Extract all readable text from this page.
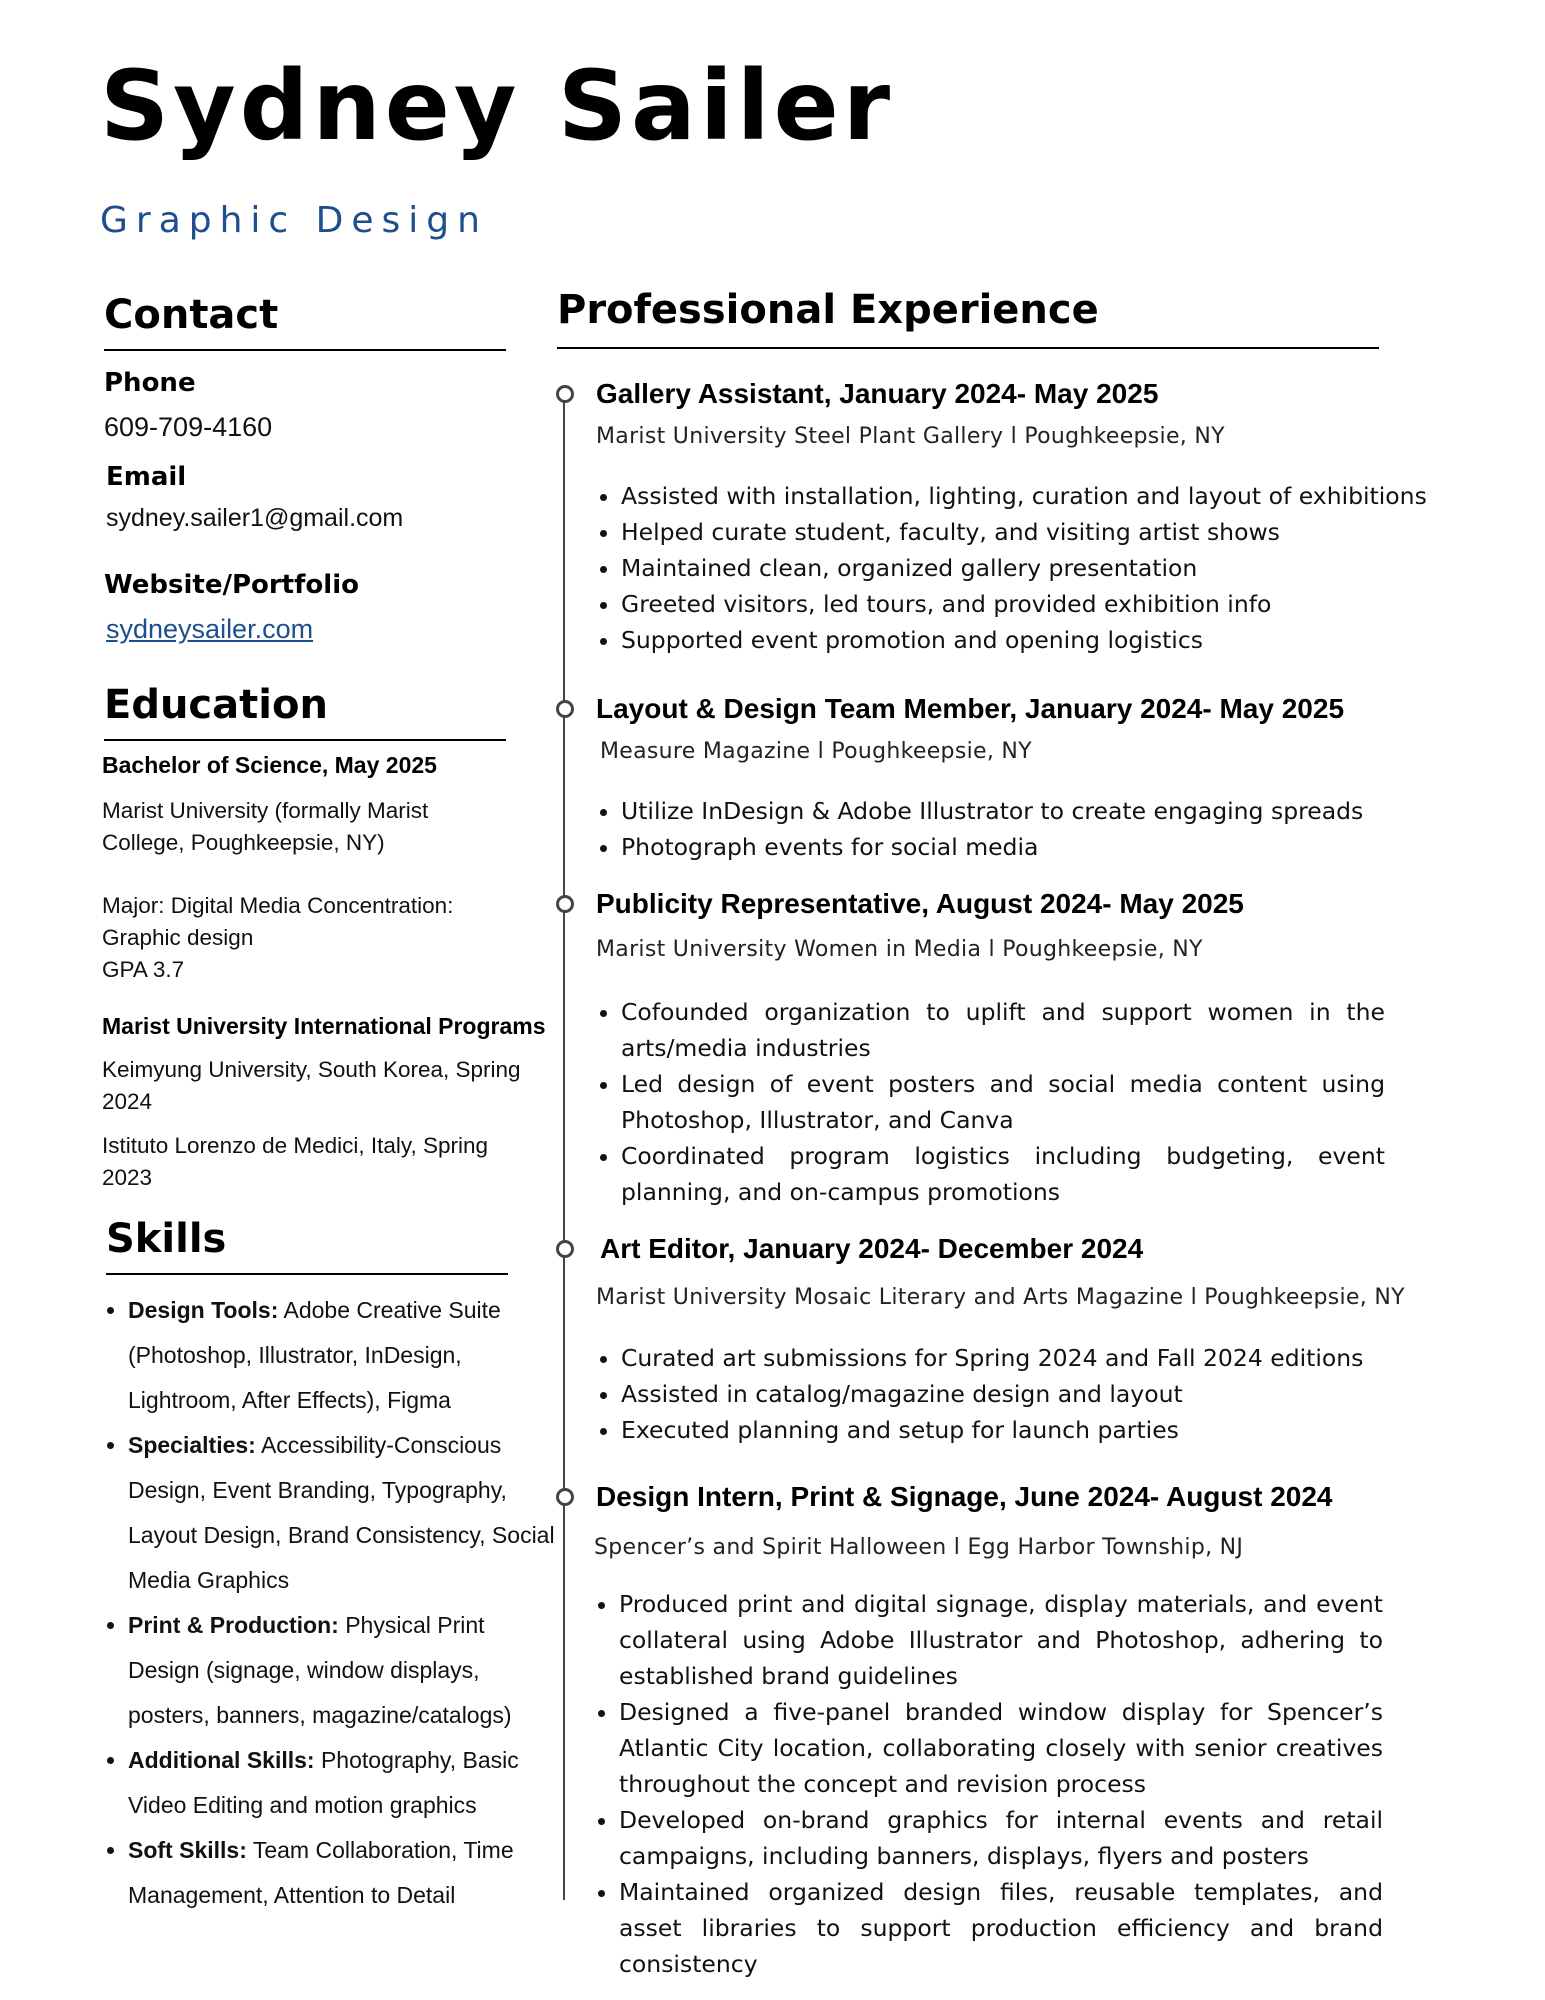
Sydney Sailer
Graphic Design
Contact
Phone
609-709-4160
Email
sydney.sailer1@gmail.com
Website/Portfolio
sydneysailer.com
Education
Bachelor of Science, May 2025
Marist University (formally Marist College, Poughkeepsie, NY)
Major: Digital Media Concentration:
Graphic design
GPA 3.7
Marist University International Programs
Keimyung University, South Korea, Spring 2024
Istituto Lorenzo de Medici, Italy, Spring 2023
Skills
• Design Tools: Adobe Creative Suite (Photoshop, Illustrator, InDesign, Lightroom, After Effects), Figma
• Specialties: Accessibility-Conscious Design, Event Branding, Typography, Layout Design, Brand Consistency, Social Media Graphics
• Print & Production: Physical Print Design (signage, window displays, posters, banners, magazine/catalogs)
• Additional Skills: Photography, Basic Video Editing and motion graphics
• Soft Skills: Team Collaboration, Time Management, Attention to Detail
Professional Experience
Gallery Assistant, January 2024- May 2025
Marist University Steel Plant Gallery l Poughkeepsie, NY
• Assisted with installation, lighting, curation and layout of exhibitions
• Helped curate student, faculty, and visiting artist shows
• Maintained clean, organized gallery presentation
• Greeted visitors, led tours, and provided exhibition info
• Supported event promotion and opening logistics
Layout & Design Team Member, January 2024- May 2025
Measure Magazine l Poughkeepsie, NY
• Utilize InDesign & Adobe Illustrator to create engaging spreads
• Photograph events for social media
Publicity Representative, August 2024- May 2025
Marist University Women in Media l Poughkeepsie, NY
• Cofounded organization to uplift and support women in the arts/media industries
• Led design of event posters and social media content using Photoshop, Illustrator, and Canva
• Coordinated program logistics including budgeting, event planning, and on-campus promotions
Art Editor, January 2024- December 2024
Marist University Mosaic Literary and Arts Magazine l Poughkeepsie, NY
• Curated art submissions for Spring 2024 and Fall 2024 editions
• Assisted in catalog/magazine design and layout
• Executed planning and setup for launch parties
Design Intern, Print & Signage, June 2024- August 2024
Spencer’s and Spirit Halloween l Egg Harbor Township, NJ
• Produced print and digital signage, display materials, and event collateral using Adobe Illustrator and Photoshop, adhering to established brand guidelines
• Designed a five-panel branded window display for Spencer’s Atlantic City location, collaborating closely with senior creatives throughout the concept and revision process
• Developed on-brand graphics for internal events and retail campaigns, including banners, displays, flyers and posters
• Maintained organized design files, reusable templates, and asset libraries to support production efficiency and brand consistency
